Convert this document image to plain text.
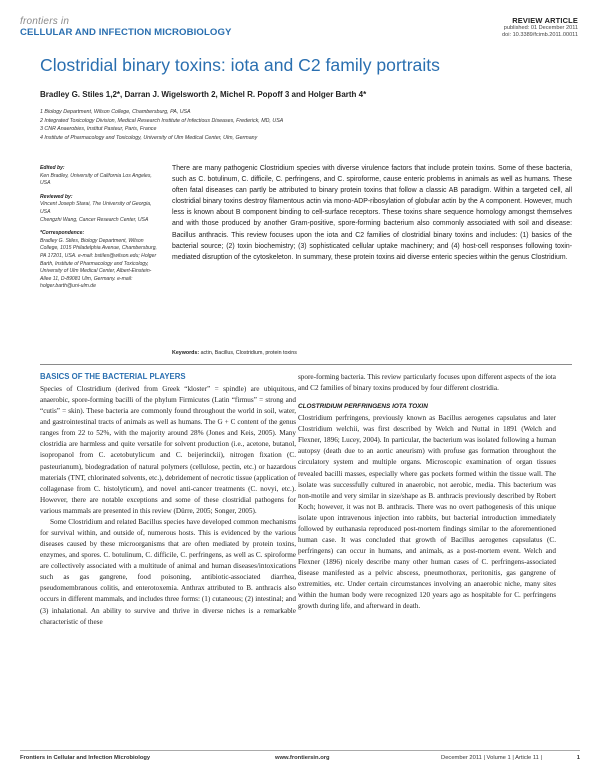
frontiers in
CELLULAR AND INFECTION MICROBIOLOGY
REVIEW ARTICLE
published: 01 December 2011
doi: 10.3389/fcimb.2011.00011
Clostridial binary toxins: iota and C2 family portraits
Bradley G. Stiles 1,2*, Darran J. Wigelsworth 2, Michel R. Popoff 3 and Holger Barth 4*
1 Biology Department, Wilson College, Chambersburg, PA, USA
2 Integrated Toxicology Division, Medical Research Institute of Infectious Diseases, Frederick, MD, USA
3 CNR Anaerobies, Institut Pasteur, Paris, France
4 Institute of Pharmacology and Toxicology, University of Ulm Medical Center, Ulm, Germany
Edited by:
Ken Bradley, University of California Los Angeles, USA
Reviewed by:
Vincent Joseph Starai, The University of Georgia, USA
Chengzhi Wang, Cancer Research Center, USA
*Correspondence:
Bradley G. Stiles, Biology Department, Wilson College, 1015 Philadelphia Avenue, Chambersburg, PA 17201, USA. e-mail: bstiles@wilson.edu; Holger Barth, Institute of Pharmacology and Toxicology, University of Ulm Medical Center, Albert-Einstein-Allee 11, D-89081 Ulm, Germany. e-mail: holger.barth@uni-ulm.de
There are many pathogenic Clostridium species with diverse virulence factors that include protein toxins. Some of these bacteria, such as C. botulinum, C. difficile, C. perfringens, and C. spiroforme, cause enteric problems in animals as well as humans. These often fatal diseases can partly be attributed to binary protein toxins that follow a classic AB paradigm. Within a targeted cell, all clostridial binary toxins destroy filamentous actin via mono-ADP-ribosylation of globular actin by the A component. However, much less is known about B component binding to cell-surface receptors. These toxins share sequence homology amongst themselves and with those produced by another Gram-positive, spore-forming bacterium also commonly associated with soil and disease: Bacillus anthracis. This review focuses upon the iota and C2 families of clostridial binary toxins and includes: (1) basics of the bacterial source; (2) toxin biochemistry; (3) sophisticated cellular uptake machinery; and (4) host-cell responses following toxin-mediated disruption of the cytoskeleton. In summary, these protein toxins aid diverse enteric species within the genus Clostridium.
Keywords: actin, Bacillus, Clostridium, protein toxins
BASICS OF THE BACTERIAL PLAYERS

Species of Clostridium (derived from Greek “kloster” = spindle) are ubiquitous, anaerobic, spore-forming bacilli of the phylum Firmicutes (Latin “firmus” = strong and “cutis” = skin). These bacteria are commonly found throughout the world in soil, water, and gastrointestinal tracts of animals as well as humans. The G + C content of the genus ranges from 22 to 52%, with the majority around 28% (Jones and Keis, 2005). Many clostridia are harmless and quite versatile for solvent production (i.e., acetone, butanol, isopropanol from C. acetobutylicum and C. beijerinckii), nitrogen fixation (C. pasteurianum), biodegradation of natural polymers (cellulose, pectin, etc.) or hazardous materials (TNT, chlorinated solvents, etc.), debridement of necrotic tissue (application of collagenase from C. histolyticum), and novel anti-cancer treatments (C. novyi, etc.). However, there are notable exceptions and some of these clostridial pathogens for various mammals are presented in this review (Dürre, 2005; Songer, 2005).

Some Clostridium and related Bacillus species have developed common mechanisms for survival within, and outside of, numerous hosts. This is evidenced by the various diseases caused by these microorganisms that are often mediated by protein toxins, enzymes, and spores. C. botulinum, C. difficile, C. perfringens, as well as C. spiroforme are collectively associated with a multitude of animal and human diseases/intoxications such as gas gangrene, food poisoning, antibiotic-associated diarrhea, pseudomembranous colitis, and enterotoxemia. Anthrax attributed to B. anthracis also occurs in different mammals, and includes three forms: (1) cutaneous; (2) intestinal; and (3) inhalational. An ability to survive and thrive in diverse niches is a remarkable characteristic of these

spore-forming bacteria. This review particularly focuses upon different aspects of the iota and C2 families of binary toxins produced by four different clostridia.

CLOSTRIDIUM PERFRINGENS IOTA TOXIN

Clostridium perfringens, previously known as Bacillus aerogenes capsulatus and later Clostridium welchii, was first described by Welch and Nuttal in 1891 (Welch and Flexner, 1896; Lucey, 2004). In particular, the bacterium was isolated following a human autopsy (death due to an aortic aneurism) with profuse gas formation throughout the circulatory system and multiple organs. Microscopic examination of organ tissues revealed bacilli masses, especially where gas pockets formed within the tissue wall. The isolate was successfully cultured in anaerobic, not aerobic, media. This bacterium was non-motile and very similar in size/shape as B. anthracis previously described by Robert Koch; however, it was not B. anthracis. There was no overt pathogenesis of this unique isolate upon intravenous injection into rabbits, but bacterial introduction immediately followed by euthanasia reproduced post-mortem findings similar to the aforementioned human case. It was concluded that growth of Bacillus aerogenes capsulatus (C. perfringens) can occur in humans, and animals, as a post-mortem event. Welch and Flexner (1896) nicely describe many other human cases of C. perfringens-associated disease manifested as a pelvic abscess, pneumothorax, peritonitis, gas gangrene of extremities, etc. Under certain circumstances involving an anaerobic niche, many sites within the human body were recognized 120 years ago as hospitable for C. perfringens growth during life, and afterward in death.

Frontiers in Cellular and Infection Microbiology	www.frontiersin.org	December 2011 | Volume 1 | Article 11 |	1
